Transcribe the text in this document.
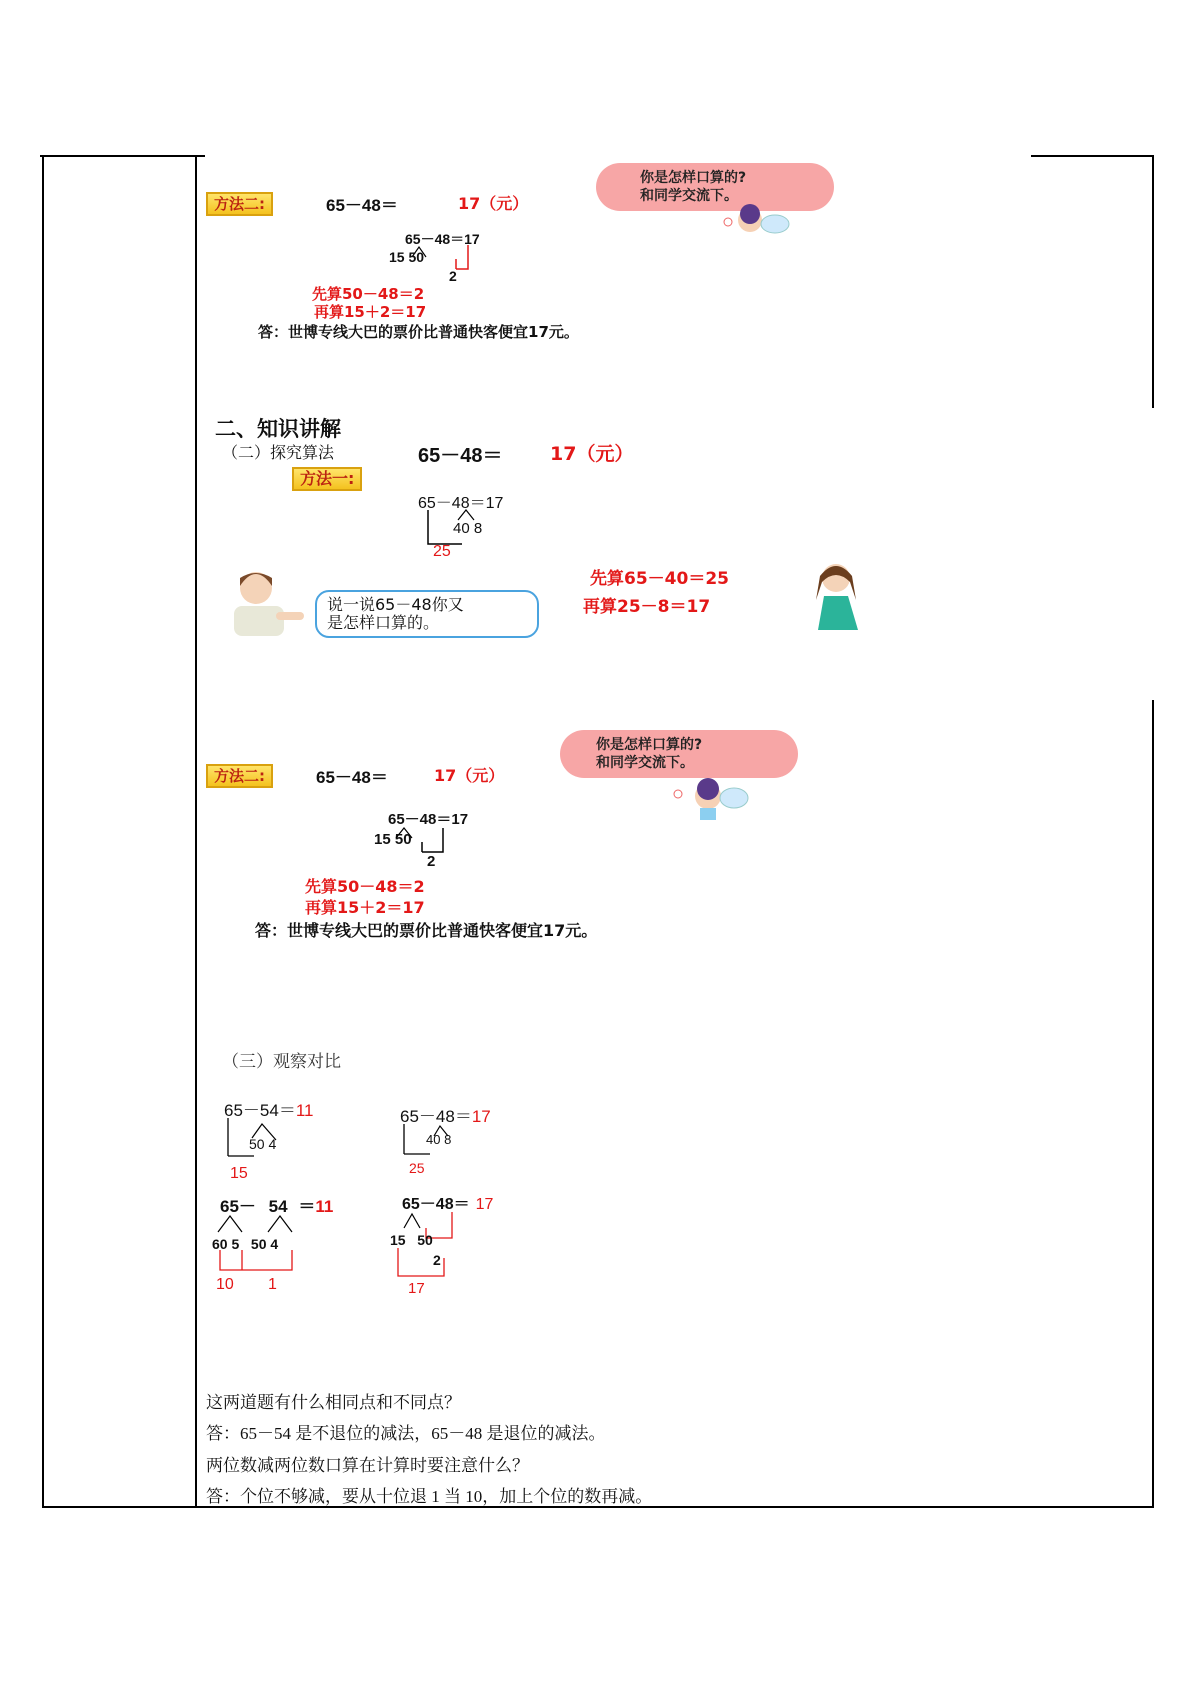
方法二:	65－48＝	17（元）
你是怎样口算的?
和同学交流下。
65－48＝17
15 50
2
先算50－48＝2
再算15＋2＝17
答：世博专线大巴的票价比普通快客便宜17元。
二、知识讲解
（二）探究算法	65－48＝	17（元）
方法一:
65－48＝17
40 8
25
先算65－40＝25
再算25－8＝17
说一说65－48你又
是怎样口算的。
方法二:	65－48＝	17（元）
你是怎样口算的?
和同学交流下。
65－48＝17
15 50
2
先算50－48＝2
再算15＋2＝17
答：世博专线大巴的票价比普通快客便宜17元。
（三）观察对比
65－54＝11
50 4
15
65－48＝17
40 8
25
65－ 54 ＝11
60 5   50 4
10 1
65－48＝ 17
15   50
2
17
这两道题有什么相同点和不同点？
答：65－54 是不退位的减法，65－48 是退位的减法。
两位数减两位数口算在计算时要注意什么？
答：个位不够减，要从十位退 1 当 10，加上个位的数再减。
